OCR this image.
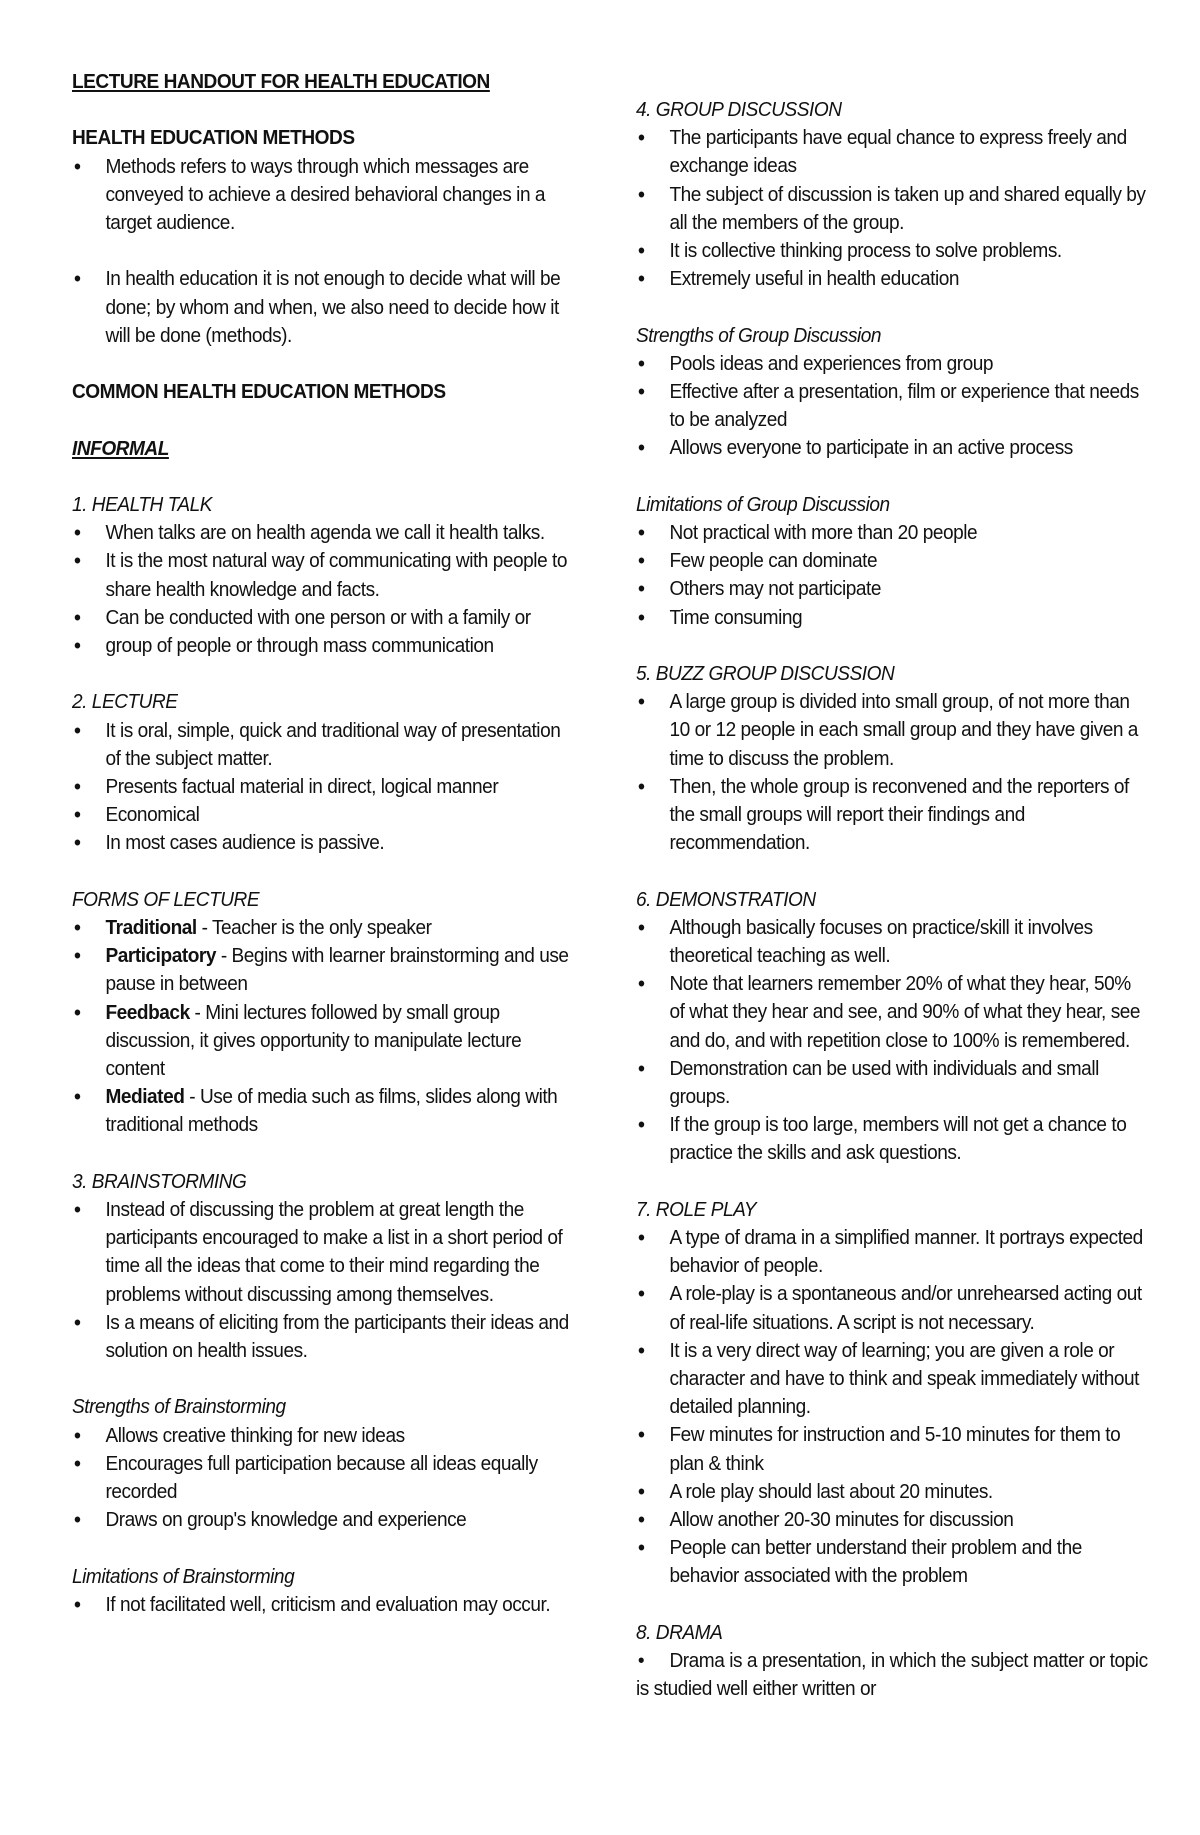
LECTURE HANDOUT FOR HEALTH EDUCATION
HEALTH EDUCATION METHODS
• Methods refers to ways through which messages are conveyed to achieve a desired behavioral changes in a target audience.
• In health education it is not enough to decide what will be done; by whom and when, we also need to decide how it will be done (methods).
COMMON HEALTH EDUCATION METHODS
INFORMAL
1. HEALTH TALK
• When talks are on health agenda we call it health talks.
• It is the most natural way of communicating with people to share health knowledge and facts.
• Can be conducted with one person or with a family or
• group of people or through mass communication
2. LECTURE
• It is oral, simple, quick and traditional way of presentation of the subject matter.
• Presents factual material in direct, logical manner
• Economical
• In most cases audience is passive.
FORMS OF LECTURE
• Traditional - Teacher is the only speaker
• Participatory - Begins with learner brainstorming and use pause in between
• Feedback - Mini lectures followed by small group discussion, it gives opportunity to manipulate lecture content
• Mediated - Use of media such as films, slides along with traditional methods
3. BRAINSTORMING
• Instead of discussing the problem at great length the participants encouraged to make a list in a short period of time all the ideas that come to their mind regarding the problems without discussing among themselves.
• Is a means of eliciting from the participants their ideas and solution on health issues.
Strengths of Brainstorming
• Allows creative thinking for new ideas
• Encourages full participation because all ideas equally recorded
• Draws on group's knowledge and experience
Limitations of Brainstorming
• If not facilitated well, criticism and evaluation may occur.
4. GROUP DISCUSSION
• The participants have equal chance to express freely and exchange ideas
• The subject of discussion is taken up and shared equally by all the members of the group.
• It is collective thinking process to solve problems.
• Extremely useful in health education
Strengths of Group Discussion
• Pools ideas and experiences from group
• Effective after a presentation, film or experience that needs to be analyzed
• Allows everyone to participate in an active process
Limitations of Group Discussion
• Not practical with more than 20 people
• Few people can dominate
• Others may not participate
• Time consuming
5. BUZZ GROUP DISCUSSION
• A large group is divided into small group, of not more than 10 or 12 people in each small group and they have given a time to discuss the problem.
• Then, the whole group is reconvened and the reporters of the small groups will report their findings and recommendation.
6. DEMONSTRATION
• Although basically focuses on practice/skill it involves theoretical teaching as well.
• Note that learners remember 20% of what they hear, 50% of what they hear and see, and 90% of what they hear, see and do, and with repetition close to 100% is remembered.
• Demonstration can be used with individuals and small groups.
• If the group is too large, members will not get a chance to practice the skills and ask questions.
7. ROLE PLAY
• A type of drama in a simplified manner. It portrays expected behavior of people.
• A role-play is a spontaneous and/or unrehearsed acting out of real-life situations. A script is not necessary.
• It is a very direct way of learning; you are given a role or character and have to think and speak immediately without detailed planning.
• Few minutes for instruction and 5-10 minutes for them to plan & think
• A role play should last about 20 minutes.
• Allow another 20-30 minutes for discussion
• People can better understand their problem and the behavior associated with the problem
8. DRAMA

• Drama is a presentation, in which the subject matter or topic is studied well either written or
